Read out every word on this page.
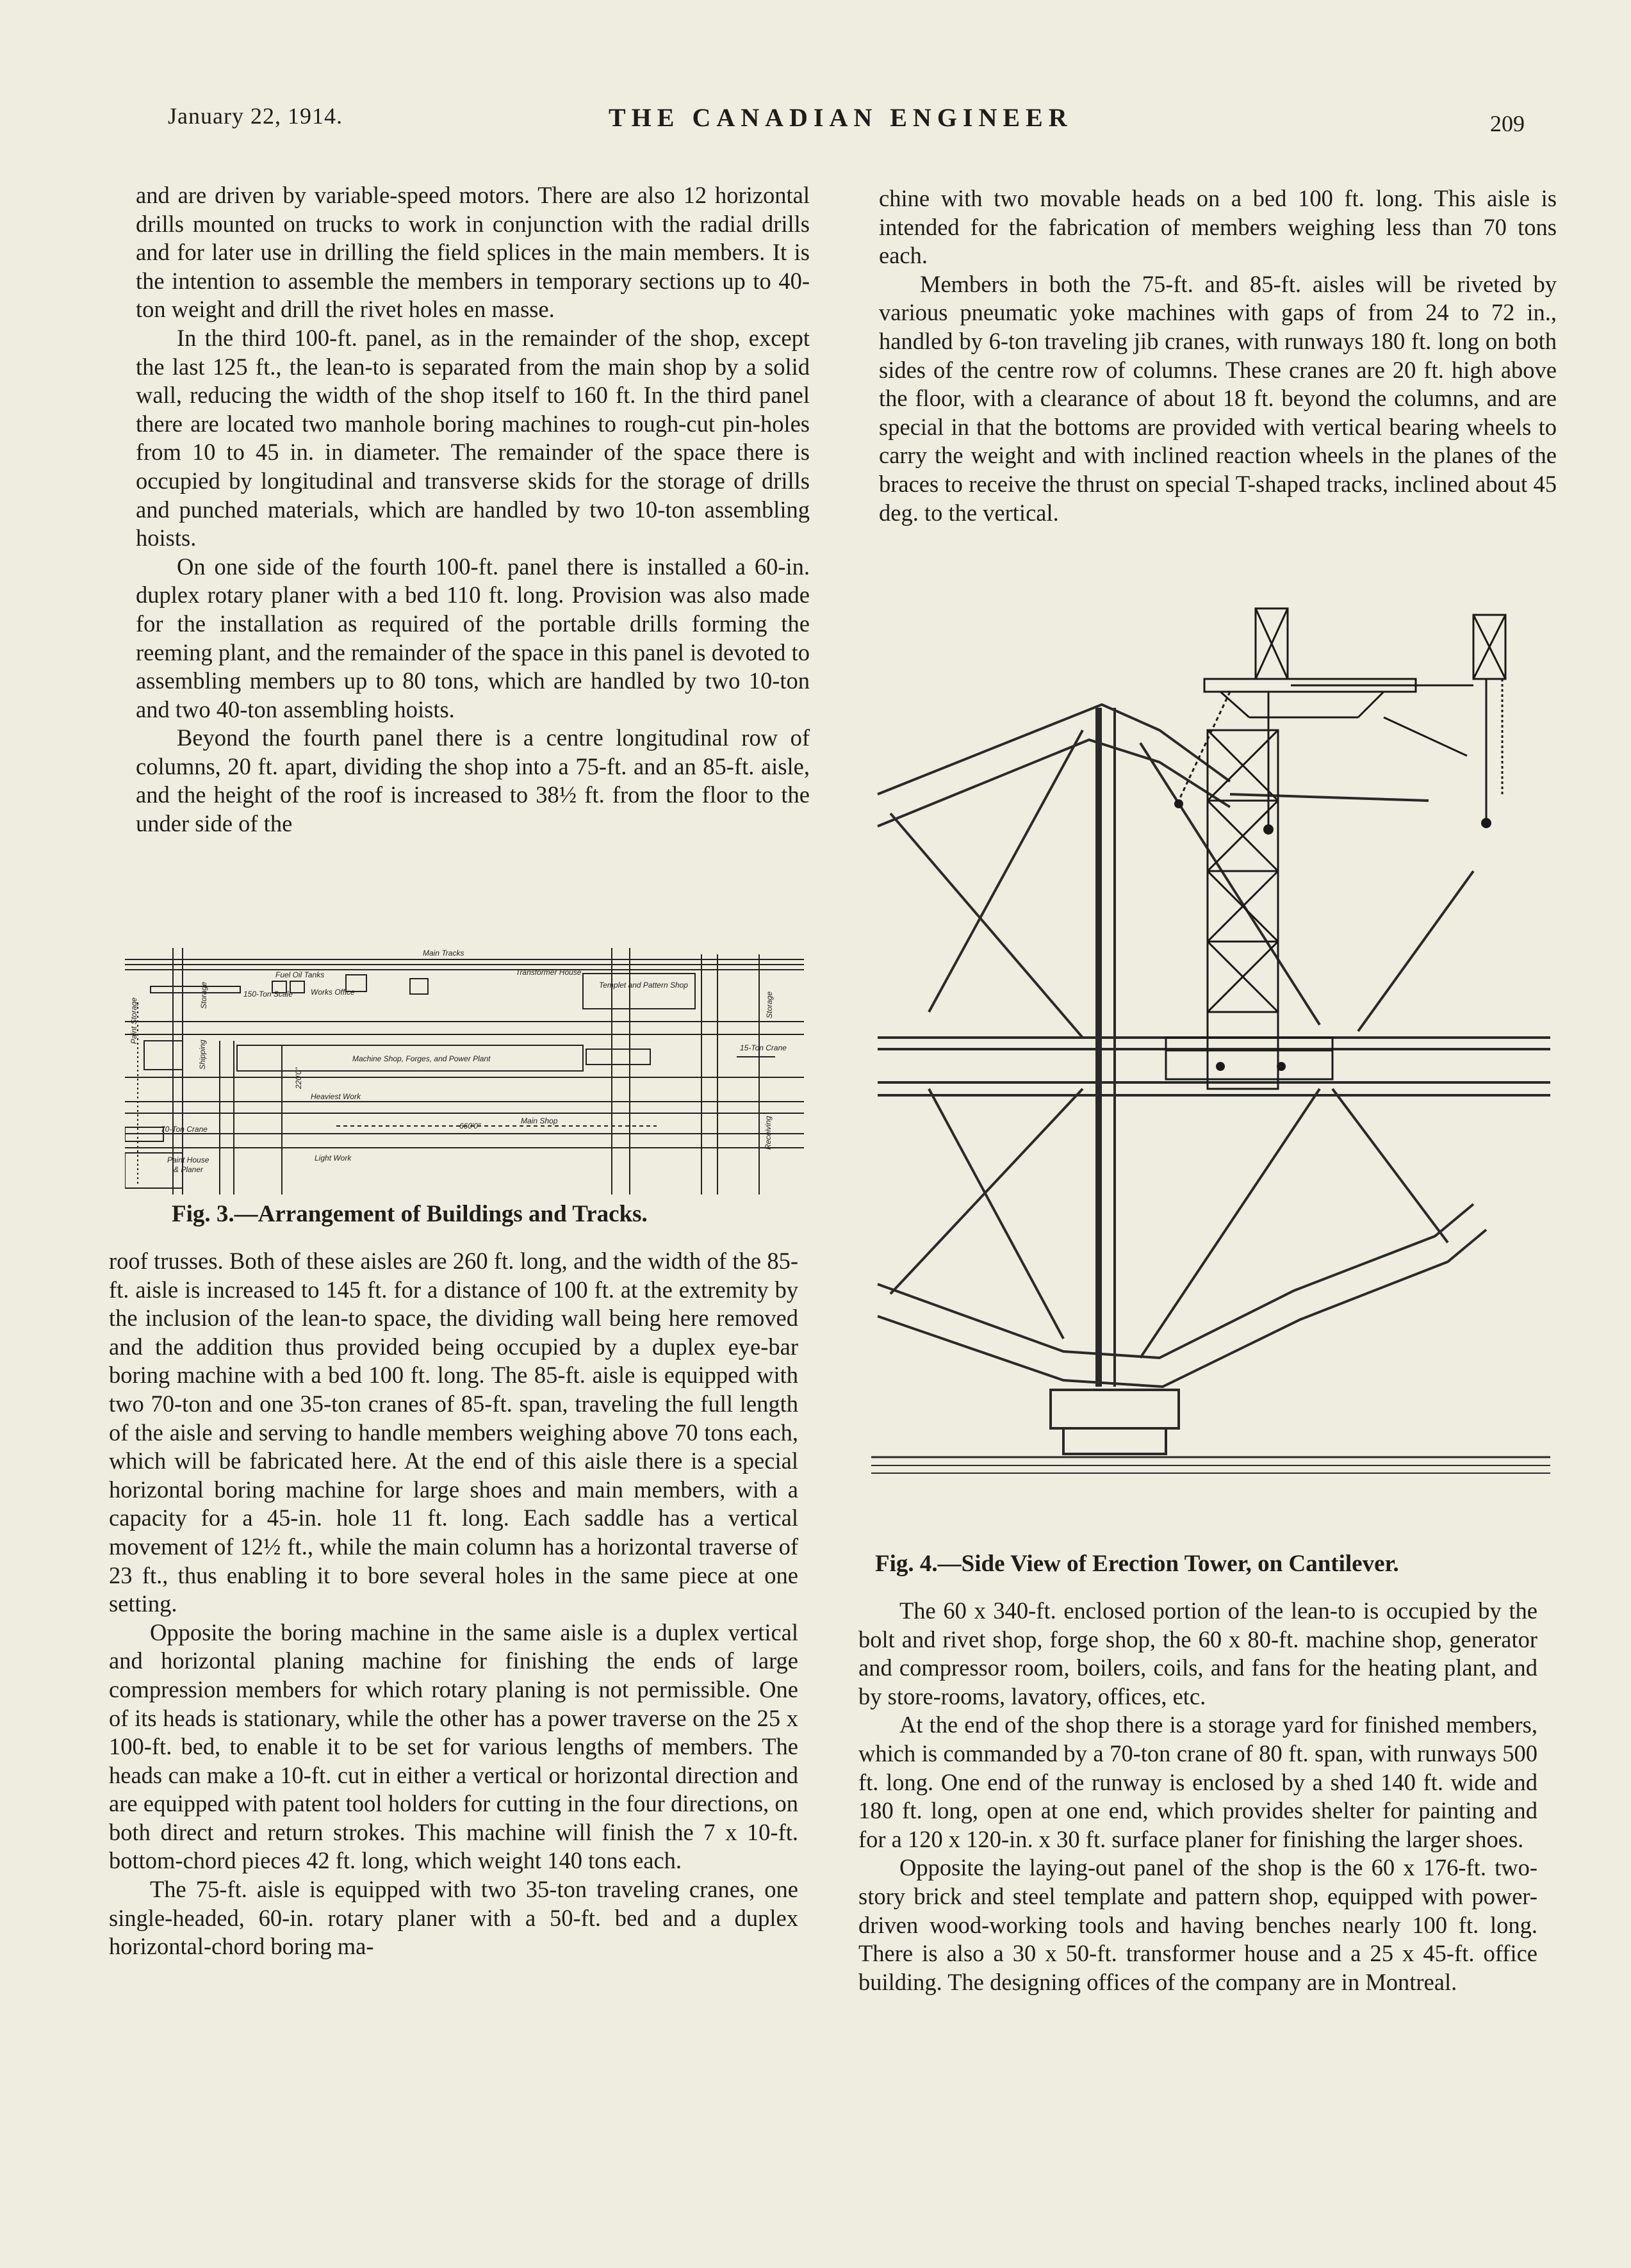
January 22, 1914.	THE CANADIAN ENGINEER	209

and are driven by variable-speed motors. There are also 12 horizontal drills mounted on trucks to work in conjunction with the radial drills and for later use in drilling the field splices in the main members. It is the intention to assemble the members in temporary sections up to 40-ton weight and drill the rivet holes en masse.

In the third 100-ft. panel, as in the remainder of the shop, except the last 125 ft., the lean-to is separated from the main shop by a solid wall, reducing the width of the shop itself to 160 ft. In the third panel there are located two manhole boring machines to rough-cut pin-holes from 10 to 45 in. in diameter. The remainder of the space there is occupied by longitudinal and transverse skids for the storage of drills and punched materials, which are handled by two 10-ton assembling hoists.

On one side of the fourth 100-ft. panel there is installed a 60-in. duplex rotary planer with a bed 110 ft. long. Provision was also made for the installation as required of the portable drills forming the reeming plant, and the remainder of the space in this panel is devoted to assembling members up to 80 tons, which are handled by two 10-ton and two 40-ton assembling hoists.

Beyond the fourth panel there is a centre longitudinal row of columns, 20 ft. apart, dividing the shop into a 75-ft. and an 85-ft. aisle, and the height of the roof is increased to 38½ ft. from the floor to the under side of the

Main Tracks
Transformer House
Fuel Oil Tanks
Works Office
Templet and Pattern Shop
150-Ton Scale
Storage	Storage
Paint Storage
Shipping	Machine Shop, Forges, and Power Plant
15-Ton Crane
Heaviest Work
Main Shop
660'0"
220'0"
70-Ton Crane	Receiving
Paint House
& Planer
Light Work
Fig. 3.—Arrangement of Buildings and Tracks.

roof trusses. Both of these aisles are 260 ft. long, and the width of the 85-ft. aisle is increased to 145 ft. for a distance of 100 ft. at the extremity by the inclusion of the lean-to space, the dividing wall being here removed and the addition thus provided being occupied by a duplex eye-bar boring machine with a bed 100 ft. long. The 85-ft. aisle is equipped with two 70-ton and one 35-ton cranes of 85-ft. span, traveling the full length of the aisle and serving to handle members weighing above 70 tons each, which will be fabricated here. At the end of this aisle there is a special horizontal boring machine for large shoes and main members, with a capacity for a 45-in. hole 11 ft. long. Each saddle has a vertical movement of 12½ ft., while the main column has a horizontal traverse of 23 ft., thus enabling it to bore several holes in the same piece at one setting.

Opposite the boring machine in the same aisle is a duplex vertical and horizontal planing machine for finishing the ends of large compression members for which rotary planing is not permissible. One of its heads is stationary, while the other has a power traverse on the 25 x 100-ft. bed, to enable it to be set for various lengths of members. The heads can make a 10-ft. cut in either a vertical or horizontal direction and are equipped with patent tool holders for cutting in the four directions, on both direct and return strokes. This machine will finish the 7 x 10-ft. bottom-chord pieces 42 ft. long, which weight 140 tons each.

The 75-ft. aisle is equipped with two 35-ton traveling cranes, one single-headed, 60-in. rotary planer with a 50-ft. bed and a duplex horizontal-chord boring ma-

chine with two movable heads on a bed 100 ft. long. This aisle is intended for the fabrication of members weighing less than 70 tons each.

Members in both the 75-ft. and 85-ft. aisles will be riveted by various pneumatic yoke machines with gaps of from 24 to 72 in., handled by 6-ton traveling jib cranes, with runways 180 ft. long on both sides of the centre row of columns. These cranes are 20 ft. high above the floor, with a clearance of about 18 ft. beyond the columns, and are special in that the bottoms are provided with vertical bearing wheels to carry the weight and with inclined reaction wheels in the planes of the braces to receive the thrust on special T-shaped tracks, inclined about 45 deg. to the vertical.

Fig. 4.—Side View of Erection Tower, on Cantilever.

The 60 x 340-ft. enclosed portion of the lean-to is occupied by the bolt and rivet shop, forge shop, the 60 x 80-ft. machine shop, generator and compressor room, boilers, coils, and fans for the heating plant, and by store-rooms, lavatory, offices, etc.

At the end of the shop there is a storage yard for finished members, which is commanded by a 70-ton crane of 80 ft. span, with runways 500 ft. long. One end of the runway is enclosed by a shed 140 ft. wide and 180 ft. long, open at one end, which provides shelter for painting and for a 120 x 120-in. x 30 ft. surface planer for finishing the larger shoes.

Opposite the laying-out panel of the shop is the 60 x 176-ft. two-story brick and steel template and pattern shop, equipped with power-driven wood-working tools and having benches nearly 100 ft. long. There is also a 30 x 50-ft. transformer house and a 25 x 45-ft. office building. The designing offices of the company are in Montreal.
